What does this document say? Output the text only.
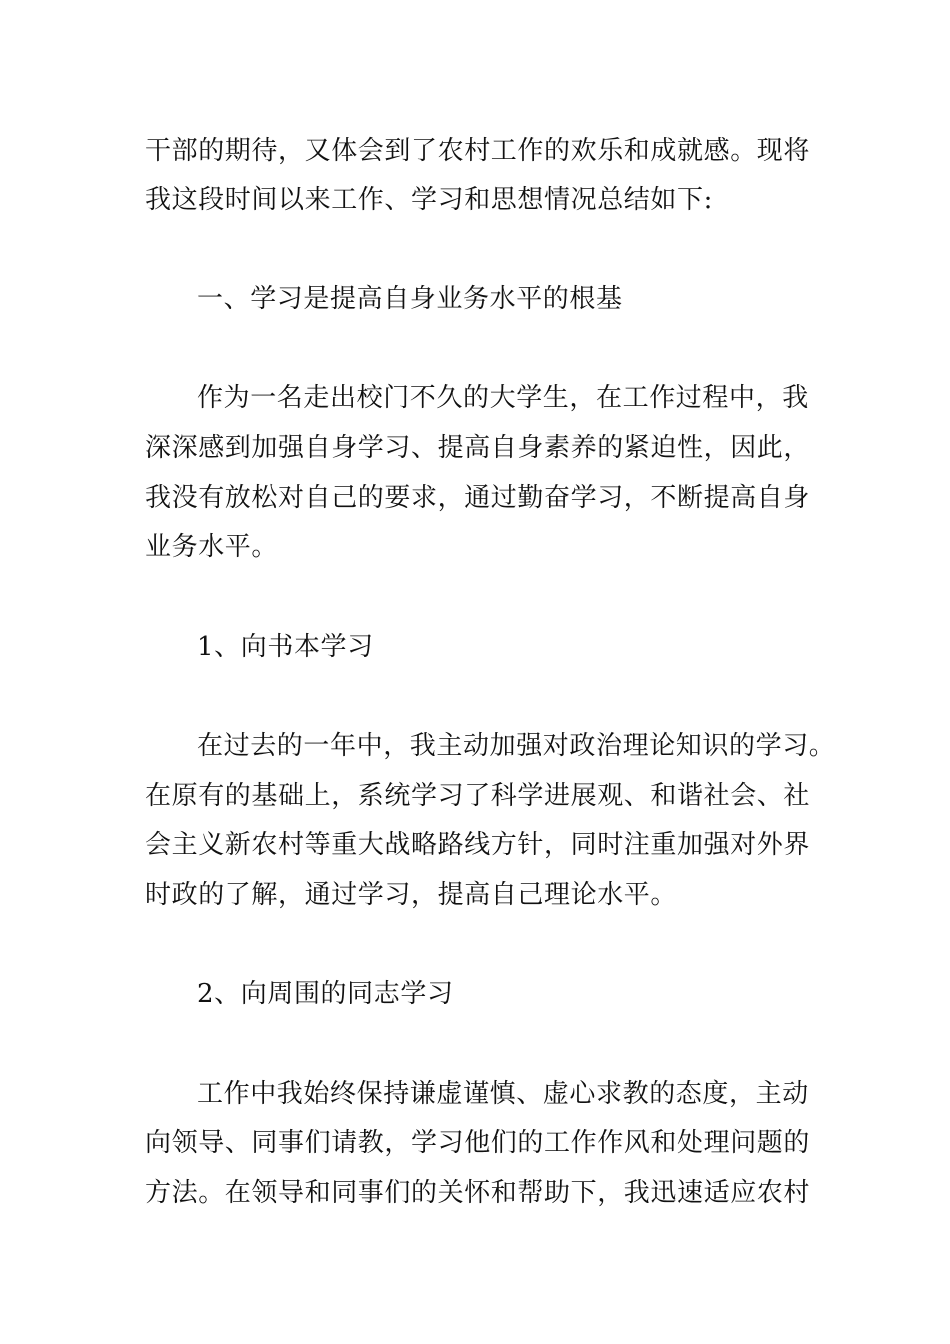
干部的期待，又体会到了农村工作的欢乐和成就感。现将
我这段时间以来工作、学习和思想情况总结如下:
一、学习是提高自身业务水平的根基
作为一名走出校门不久的大学生，在工作过程中，我
深深感到加强自身学习、提高自身素养的紧迫性，因此，
我没有放松对自己的要求，通过勤奋学习，不断提高自身
业务水平。
1、向书本学习
在过去的一年中，我主动加强对政治理论知识的学习。
在原有的基础上，系统学习了科学进展观、和谐社会、社
会主义新农村等重大战略路线方针，同时注重加强对外界
时政的了解，通过学习，提高自己理论水平。
2、向周围的同志学习
工作中我始终保持谦虚谨慎、虚心求教的态度，主动
向领导、同事们请教，学习他们的工作作风和处理问题的
方法。在领导和同事们的关怀和帮助下，我迅速适应农村
